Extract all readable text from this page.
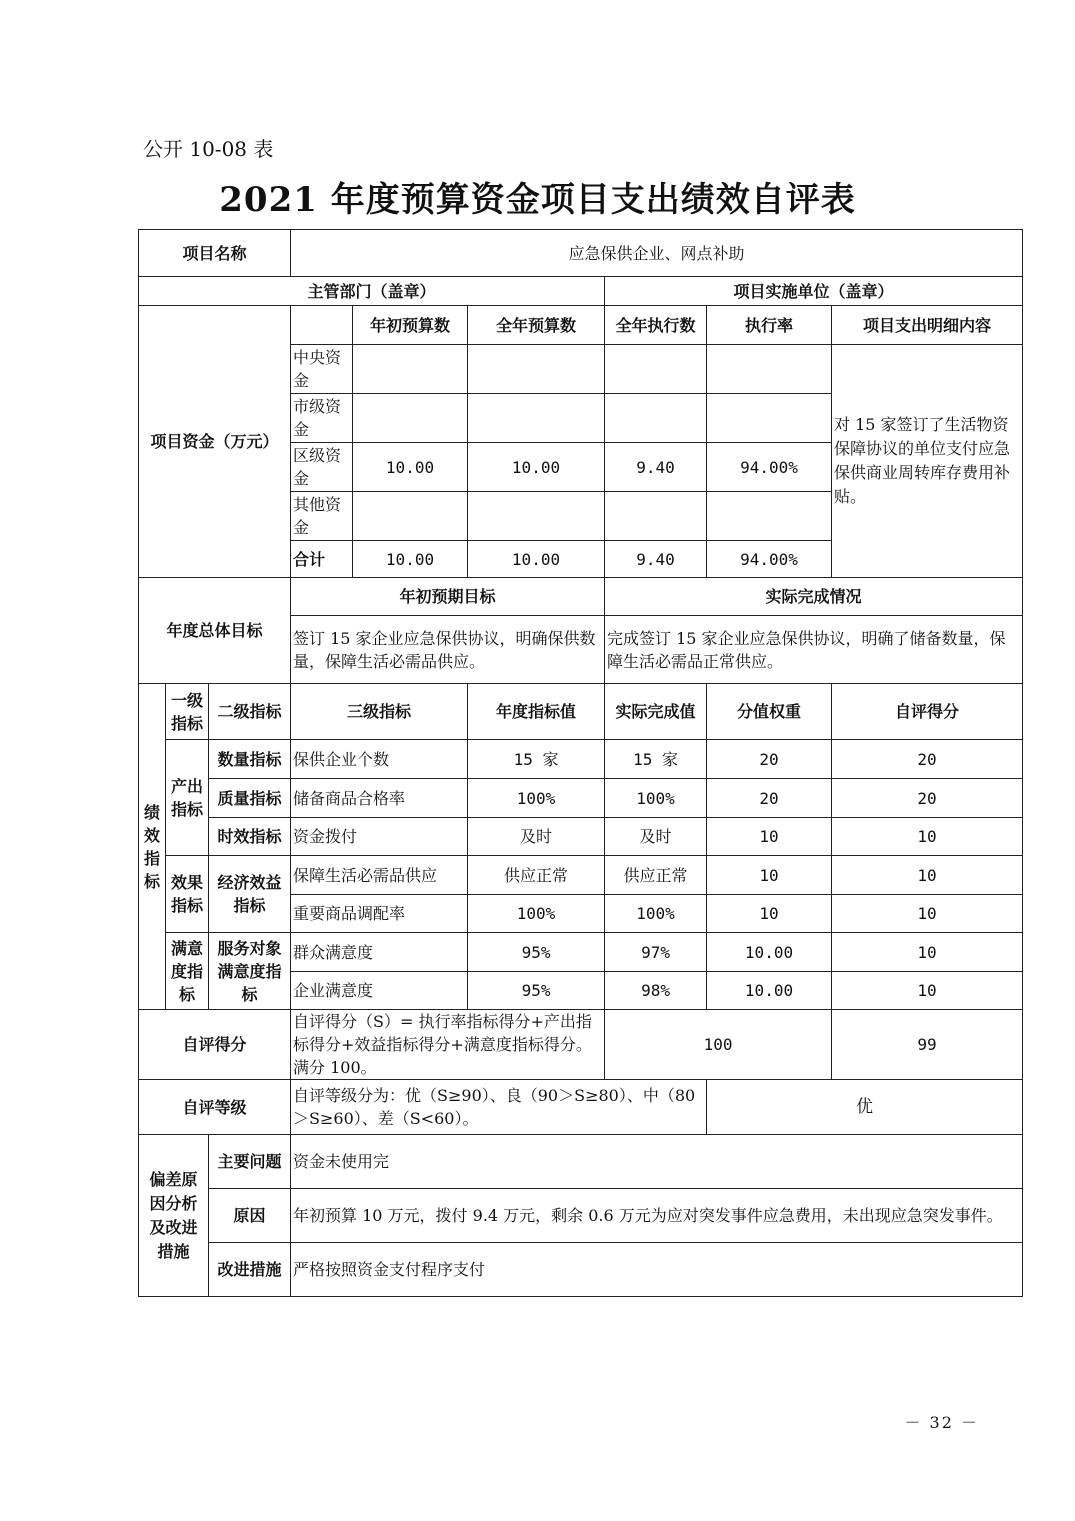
公开 10-08 表
2021 年度预算资金项目支出绩效自评表
项目名称			应急保供企业、网点补助					
主管部门（盖章）						项目实施单位（盖章）		
项目资金（万元）				年初预算数	全年预算数	全年执行数	执行率	项目支出明细内容
			中央资金					对 15 家签订了生活物资保障协议的单位支付应急保供商业周转库存费用补贴。
			市级资金					
			区级资金	10.00	10.00	9.40	94.00%	
			其他资金					
			合计	10.00	10.00	9.40	94.00%	
年度总体目标			年初预期目标			实际完成情况		
			签订 15 家企业应急保供协议，明确保供数量，保障生活必需品供应。			完成签订 15 家企业应急保供协议，明确了储备数量，保障生活必需品正常供应。		
绩效指标	一级指标	二级指标	三级指标		年度指标值	实际完成值	分值权重	自评得分
	产出指标	数量指标	保供企业个数		15 家	15 家	20	20
		质量指标	储备商品合格率		100%	100%	20	20
		时效指标	资金拨付		及时	及时	10	10
	效果指标	经济效益指标	保障生活必需品供应		供应正常	供应正常	10	10
			重要商品调配率		100%	100%	10	10
	满意度指标	服务对象满意度指标	群众满意度		95%	97%	10.00	10
			企业满意度		95%	98%	10.00	10
自评得分			自评得分（S）= 执行率指标得分+产出指标得分+效益指标得分+满意度指标得分。满分 100。			100		99
自评等级			自评等级分为：优（S≥90）、良（90＞S≥80）、中（80＞S≥60）、差（S<60）。				优	
偏差原因分析及改进措施		主要问题	资金未使用完					
		原因	年初预算 10 万元，拨付 9.4 万元，剩余 0.6 万元为应对突发事件应急费用，未出现应急突发事件。					
		改进措施	严格按照资金支付程序支付					
－ 32 －
